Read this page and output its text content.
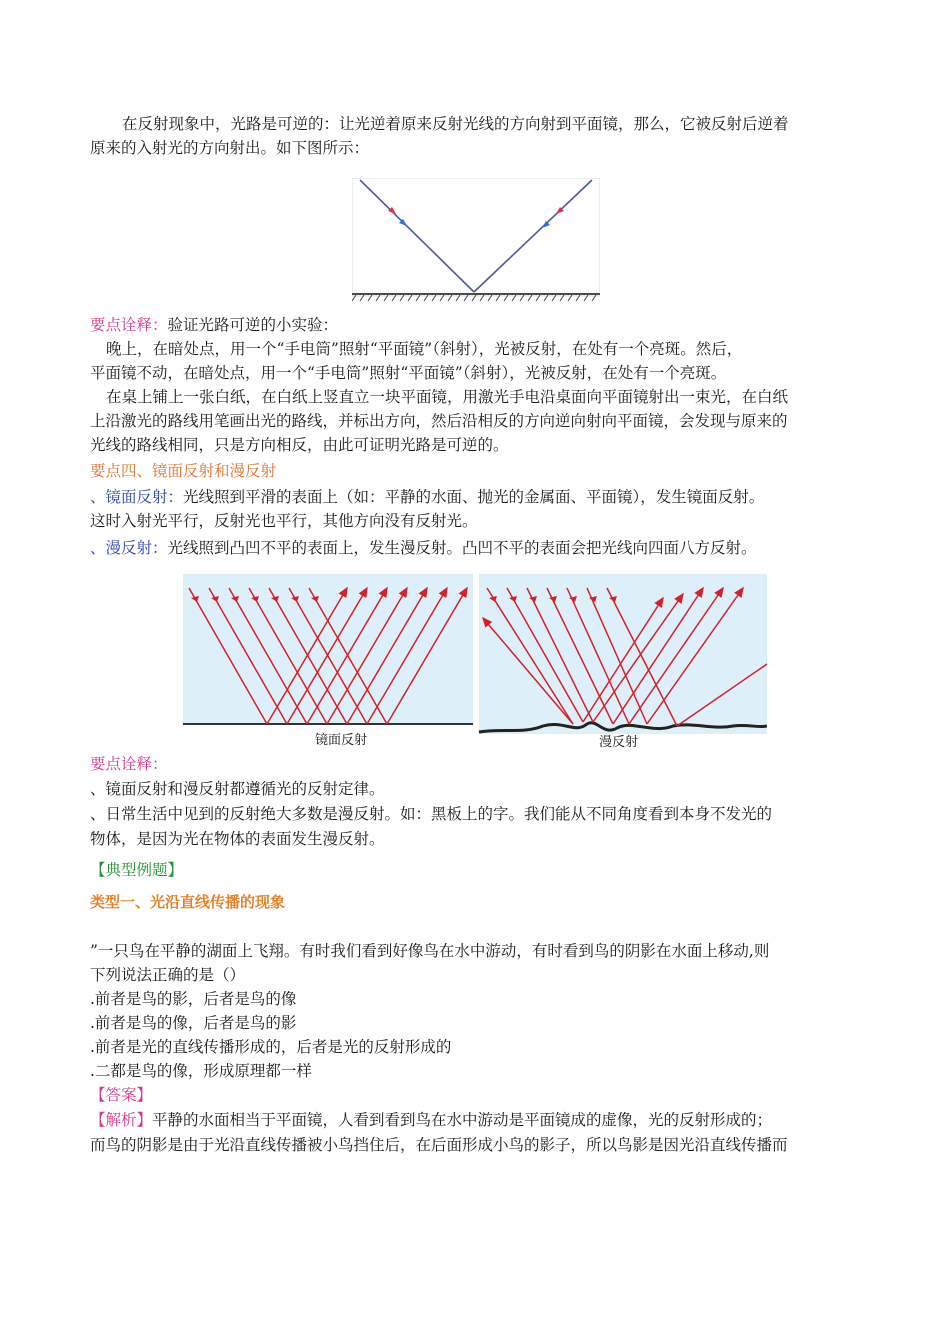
在反射现象中，光路是可逆的：让光逆着原来反射光线的方向射到平面镜，那么，它被反射后逆着

原来的入射光的方向射出。如下图所示：

要点诠释：验证光路可逆的小实验：

晚上，在暗处点，用一个“手电筒”照射“平面镜”（斜射），光被反射，在处有一个亮斑。然后，

平面镜不动，在暗处点，用一个“手电筒”照射“平面镜”（斜射），光被反射，在处有一个亮斑。

在桌上铺上一张白纸，在白纸上竖直立一块平面镜，用激光手电沿桌面向平面镜射出一束光，在白纸

上沿激光的路线用笔画出光的路线，并标出方向，然后沿相反的方向逆向射向平面镜，会发现与原来的

光线的路线相同，只是方向相反，由此可证明光路是可逆的。

要点四、镜面反射和漫反射

、镜面反射：光线照到平滑的表面上（如：平静的水面、抛光的金属面、平面镜），发生镜面反射。

这时入射光平行，反射光也平行，其他方向没有反射光。

、漫反射：光线照到凸凹不平的表面上，发生漫反射。凸凹不平的表面会把光线向四面八方反射。

镜面反射	漫反射

要点诠释：

、镜面反射和漫反射都遵循光的反射定律。

、日常生活中见到的反射绝大多数是漫反射。如：黑板上的字。我们能从不同角度看到本身不发光的

物体，是因为光在物体的表面发生漫反射。

【典型例题】

类型一、光沿直线传播的现象

”一只鸟在平静的湖面上飞翔。有时我们看到好像鸟在水中游动，有时看到鸟的阴影在水面上移动,则

下列说法正确的是（）

.前者是鸟的影，后者是鸟的像

.前者是鸟的像，后者是鸟的影

.前者是光的直线传播形成的，后者是光的反射形成的

.二都是鸟的像，形成原理都一样

【答案】

【解析】平静的水面相当于平面镜，人看到看到鸟在水中游动是平面镜成的虚像，光的反射形成的；

而鸟的阴影是由于光沿直线传播被小鸟挡住后，在后面形成小鸟的影子，所以鸟影是因光沿直线传播而
